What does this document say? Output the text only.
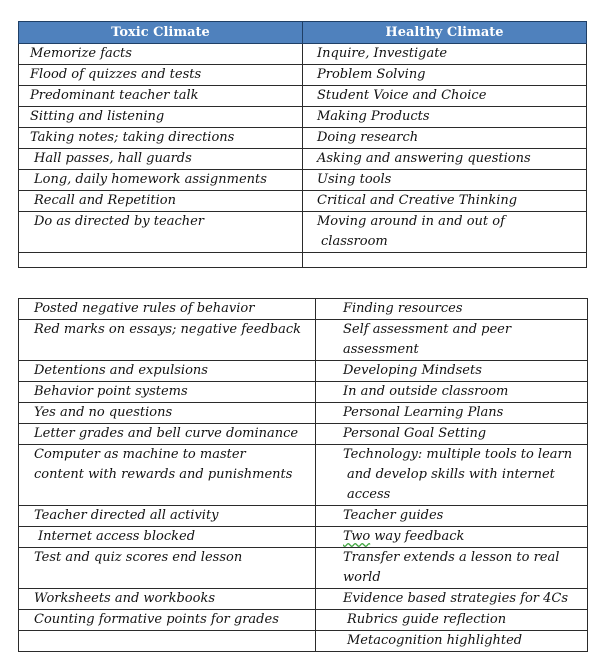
Toxic Climate	Healthy Climate
Memorize facts	Inquire, Investigate
Flood of quizzes and tests	Problem Solving
Predominant teacher talk	Student Voice and Choice
Sitting and listening	Making Products
Taking notes; taking directions	Doing research
Hall passes, hall guards	Asking and answering questions
Long, daily homework assignments	Using tools
Recall and Repetition	Critical and Creative Thinking
Do as directed by teacher	Moving around in and out of
classroom

Posted negative rules of behavior	Finding resources
Red marks on essays; negative feedback	Self assessment and peer assessment
Detentions and expulsions	Developing Mindsets
Behavior point systems	In and outside classroom
Yes and no questions	Personal Learning Plans
Letter grades and bell curve dominance	Personal Goal Setting

Computer as machine to master
content with rewards and punishments	Technology: multiple tools to learn
and develop skills with internet access

Teacher directed all activity	Teacher guides
Internet access blocked	Two way feedback
Test and quiz scores end lesson	Transfer extends a lesson to real world
Worksheets and workbooks	Evidence based strategies for 4Cs
Counting formative points for grades	Rubrics guide reflection
	Metacognition highlighted
